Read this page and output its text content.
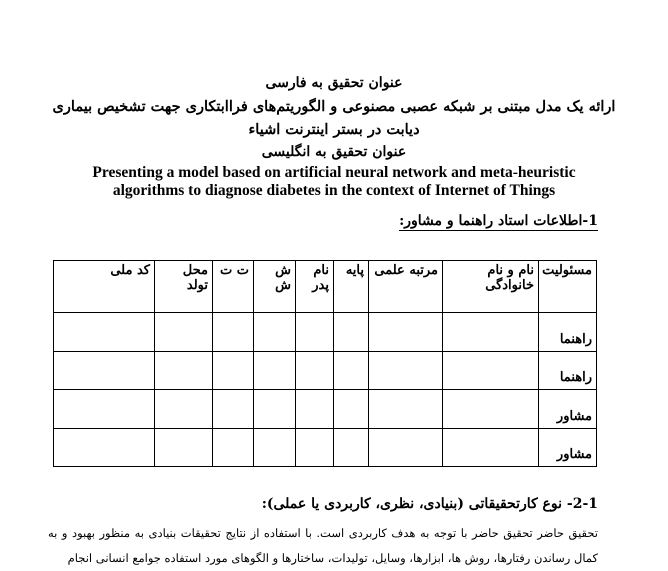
عنوان تحقیق به فارسی
ارائه یک مدل مبتنی بر شبکه عصبی مصنوعی و الگوریتم‌های فراابتکاری جهت تشخیص بیماری
دیابت در بستر اینترنت اشیاء
عنوان تحقیق به انگلیسی
Presenting a model based on artificial neural network and meta-heuristic
algorithms to diagnose diabetes in the context of Internet of Things
1-اطلاعات استاد راهنما و مشاور:
مسئولیت	نام و نام خانوادگی	مرتبه علمی	پایه	نام پدر	ش ش	ت ت	محل تولد	کد ملی
راهنما								
راهنما								
مشاور								
مشاور								
2-1- نوع کارتحقیقاتی (بنیادی، نظری، کاربردی یا عملی):
تحقیق حاضر تحقیق حاضر با توجه به هدف کاربردی است. با استفاده از نتایج تحقیقات بنیادی به منظور بهبود و به کمال رساندن رفتارها، روش ها، ابزارها، وسایل، تولیدات، ساختارها و الگوهای مورد استفاده جوامع انسانی انجام
